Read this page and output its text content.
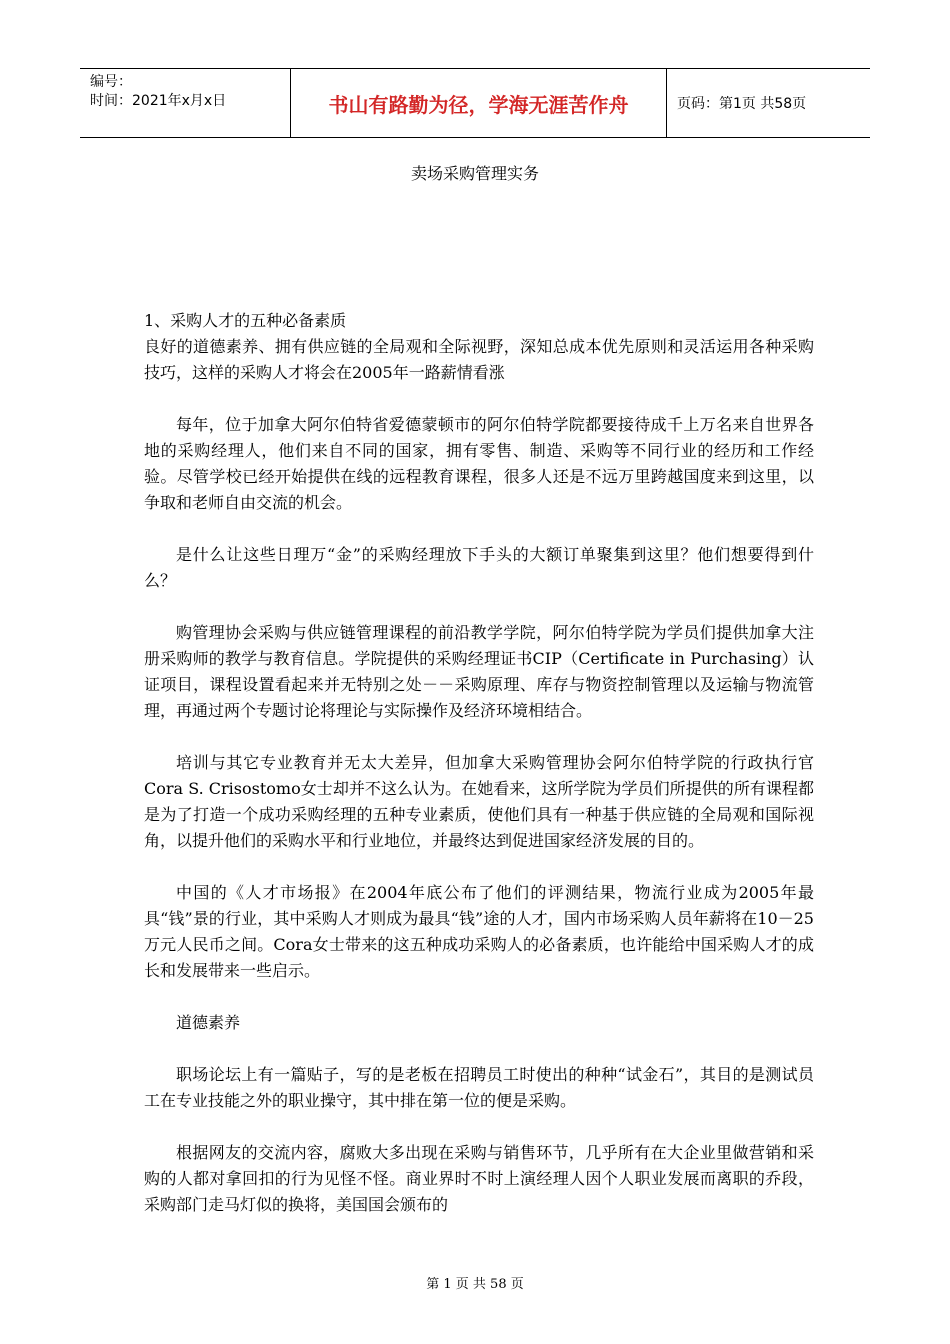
编号：
时间：2021年x月x日	书山有路勤为径，学海无涯苦作舟	页码：第1页 共58页
卖场采购管理实务

1、采购人才的五种必备素质

良好的道德素养、拥有供应链的全局观和全际视野，深知总成本优先原则和灵活运用各种采购技巧，这样的采购人才将会在2005年一路薪情看涨

每年，位于加拿大阿尔伯特省爱德蒙顿市的阿尔伯特学院都要接待成千上万名来自世界各地的采购经理人，他们来自不同的国家，拥有零售、制造、采购等不同行业的经历和工作经验。尽管学校已经开始提供在线的远程教育课程，很多人还是不远万里跨越国度来到这里，以争取和老师自由交流的机会。

是什么让这些日理万“金”的采购经理放下手头的大额订单聚集到这里？他们想要得到什么？

购管理协会采购与供应链管理课程的前沿教学学院，阿尔伯特学院为学员们提供加拿大注册采购师的教学与教育信息。学院提供的采购经理证书CIP（Certificate in Purchasing）认证项目，课程设置看起来并无特别之处－－采购原理、库存与物资控制管理以及运输与物流管理，再通过两个专题讨论将理论与实际操作及经济环境相结合。

培训与其它专业教育并无太大差异，但加拿大采购管理协会阿尔伯特学院的行政执行官Cora S. Crisostomo女士却并不这么认为。在她看来，这所学院为学员们所提供的所有课程都是为了打造一个成功采购经理的五种专业素质，使他们具有一种基于供应链的全局观和国际视角，以提升他们的采购水平和行业地位，并最终达到促进国家经济发展的目的。

中国的《人才市场报》在2004年底公布了他们的评测结果，物流行业成为2005年最具“钱”景的行业，其中采购人才则成为最具“钱”途的人才，国内市场采购人员年薪将在10－25万元人民币之间。Cora女士带来的这五种成功采购人的必备素质，也许能给中国采购人才的成长和发展带来一些启示。

道德素养

职场论坛上有一篇贴子，写的是老板在招聘员工时使出的种种“试金石”，其目的是测试员工在专业技能之外的职业操守，其中排在第一位的便是采购。

根据网友的交流内容，腐败大多出现在采购与销售环节，几乎所有在大企业里做营销和采购的人都对拿回扣的行为见怪不怪。商业界时不时上演经理人因个人职业发展而离职的乔段，采购部门走马灯似的换将，美国国会颁布的

第 1 页 共 58 页
